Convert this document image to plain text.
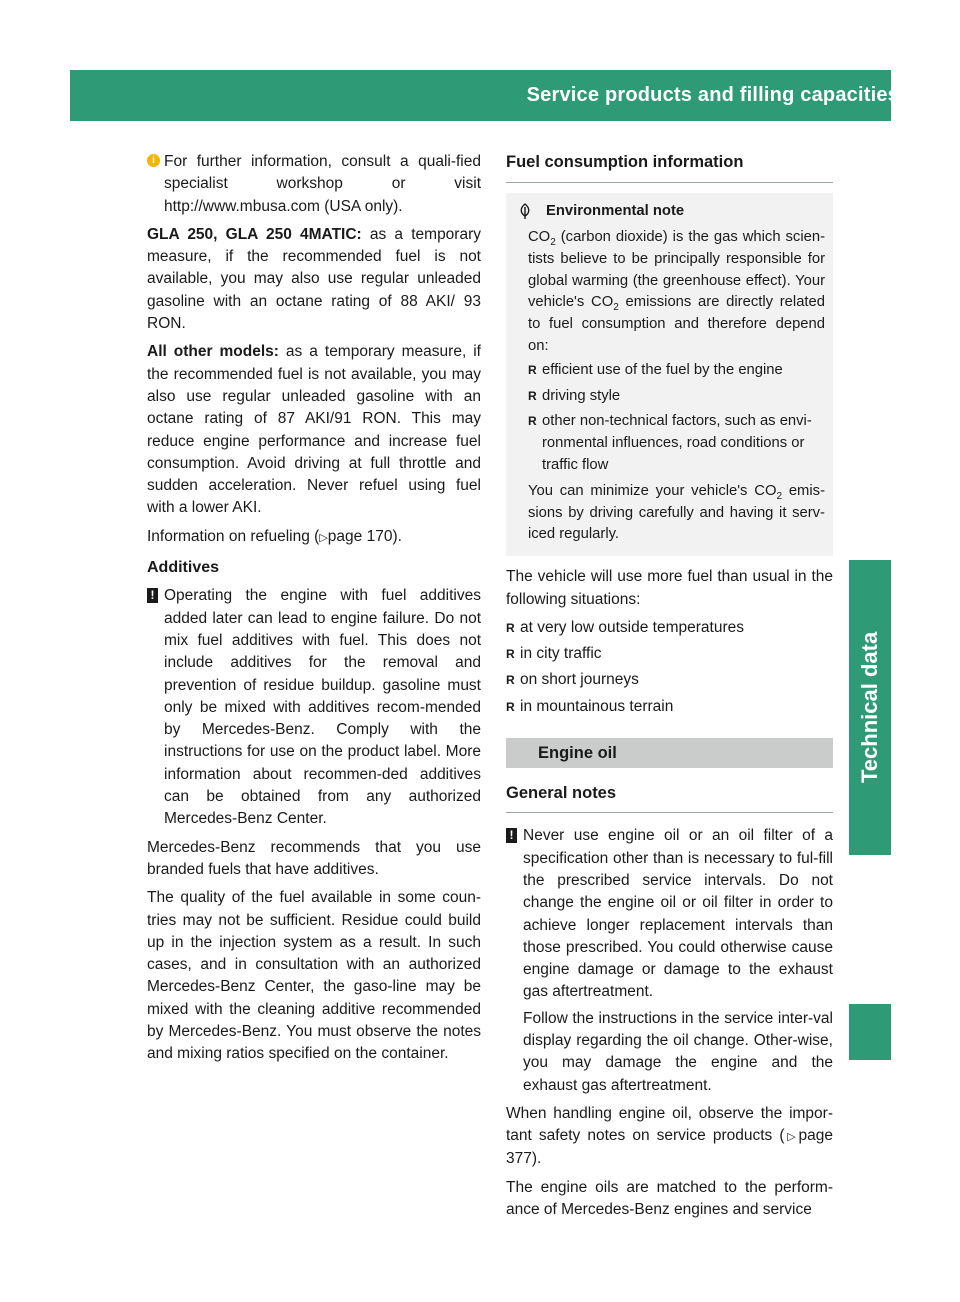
Service products and filling capacities 379
Technical data
i For further information, consult a quali-fied specialist workshop or visit http://www.mbusa.com (USA only).

GLA 250, GLA 250 4MATIC: as a temporary measure, if the recommended fuel is not available, you may also use regular unleaded gasoline with an octane rating of 88 AKI/ 93 RON.

All other models: as a temporary measure, if the recommended fuel is not available, you may also use regular unleaded gasoline with an octane rating of 87 AKI/91 RON. This may reduce engine performance and increase fuel consumption. Avoid driving at full throttle and sudden acceleration. Never refuel using fuel with a lower AKI.

Information on refueling (▷page 170).

Additives
! Operating the engine with fuel additives added later can lead to engine failure. Do not mix fuel additives with fuel. This does not include additives for the removal and prevention of residue buildup. gasoline must only be mixed with additives recom-mended by Mercedes-Benz. Comply with the instructions for use on the product label. More information about recommen-ded additives can be obtained from any authorized Mercedes-Benz Center.

Mercedes-Benz recommends that you use branded fuels that have additives.

The quality of the fuel available in some coun-tries may not be sufficient. Residue could build up in the injection system as a result. In such cases, and in consultation with an authorized Mercedes-Benz Center, the gaso-line may be mixed with the cleaning additive recommended by Mercedes-Benz. You must observe the notes and mixing ratios specified on the container.

Fuel consumption information
Environmental note

$CO_2$ (carbon dioxide) is the gas which scien-tists believe to be principally responsible for global warming (the greenhouse effect). Your vehicle's $CO_2$ emissions are directly related to fuel consumption and therefore depend on:

R efficient use of the fuel by the engine
R driving style
R other non-technical factors, such as envi-ronmental influences, road conditions or traffic flow

You can minimize your vehicle's $CO_2$ emis-sions by driving carefully and having it serv-iced regularly.

The vehicle will use more fuel than usual in the following situations:

R at very low outside temperatures
R in city traffic
R on short journeys
R in mountainous terrain
Engine oil
General notes
! Never use engine oil or an oil filter of a specification other than is necessary to ful-fill the prescribed service intervals. Do not change the engine oil or oil filter in order to achieve longer replacement intervals than those prescribed. You could otherwise cause engine damage or damage to the exhaust gas aftertreatment.

Follow the instructions in the service inter-val display regarding the oil change. Other-wise, you may damage the engine and the exhaust gas aftertreatment.

When handling engine oil, observe the impor-tant safety notes on service products (▷page 377).

The engine oils are matched to the perform-ance of Mercedes-Benz engines and service
